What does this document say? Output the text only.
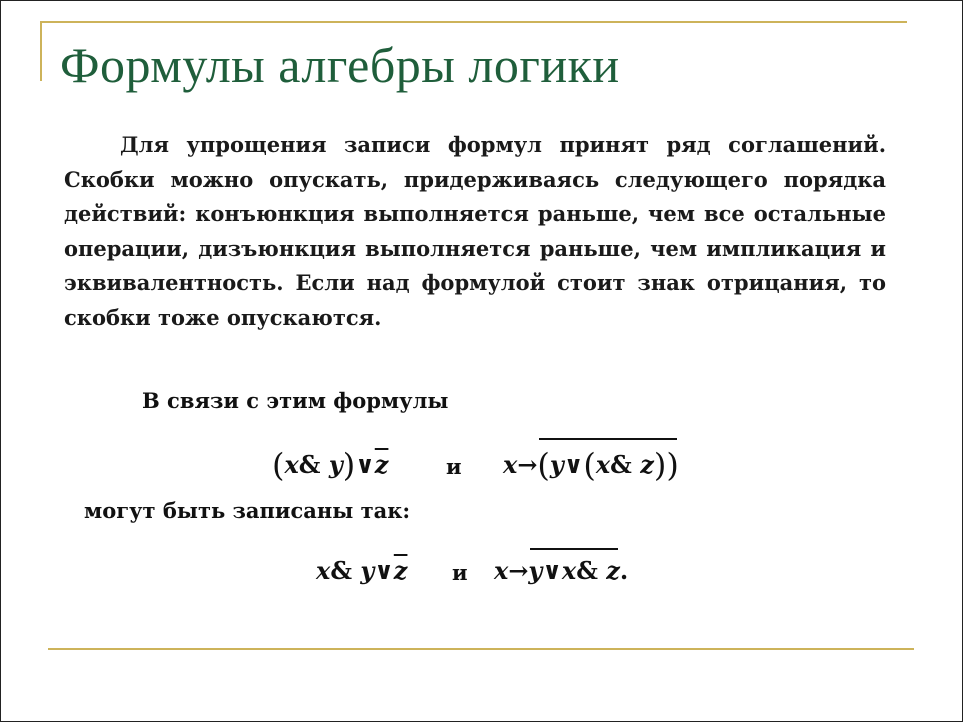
Формулы алгебры логики
Для упрощения записи формул принят ряд соглашений. Скобки можно опускать, придерживаясь следующего порядка действий: конъюнкция выполняется раньше, чем все остальные операции, дизъюнкция выполняется раньше, чем импликация и эквивалентность. Если над формулой стоит знак отрицания, то скобки тоже опускаются.
В связи с этим формулы
(x& $y)\vee\overline{z}$	и x→(y∨(x& z))
могут быть записаны так:
x& $y\vee\overline{z}$ и x→y∨x& z.
